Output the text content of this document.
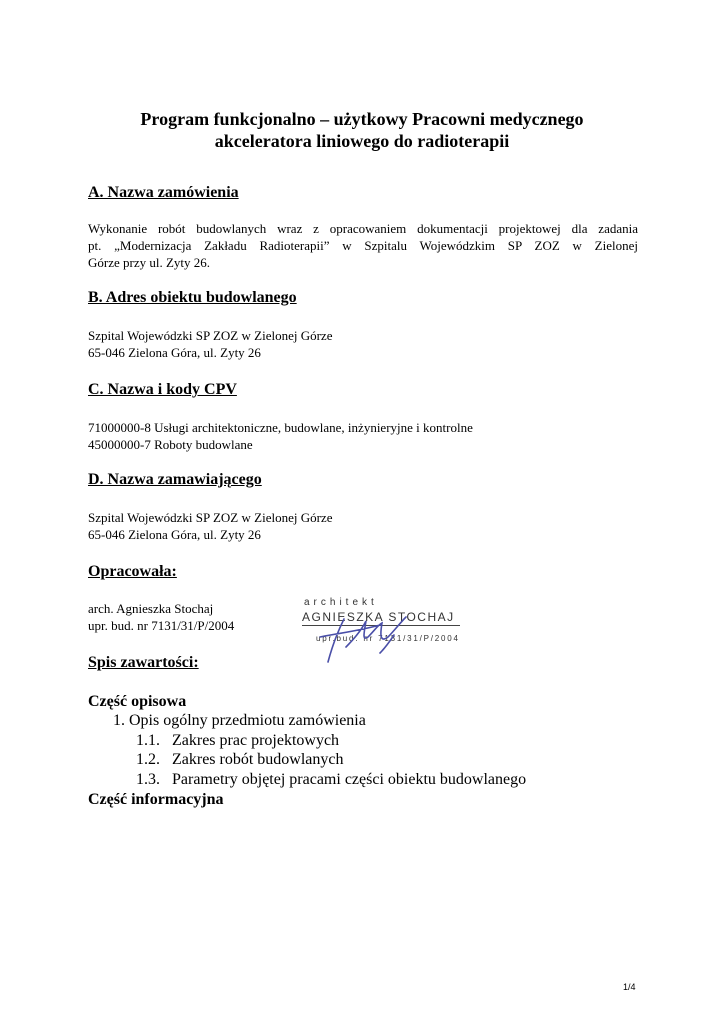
Program funkcjonalno – użytkowy Pracowni medycznego
akceleratora liniowego do radioterapii
A. Nazwa zamówienia
Wykonanie robót budowlanych wraz z opracowaniem dokumentacji projektowej dla zadania
pt. „Modernizacja Zakładu Radioterapii” w Szpitalu Wojewódzkim SP ZOZ w Zielonej
Górze przy ul. Zyty 26.
B. Adres obiektu budowlanego
Szpital Wojewódzki SP ZOZ w Zielonej Górze
65-046 Zielona Góra, ul. Zyty 26
C. Nazwa i kody CPV
71000000-8 Usługi architektoniczne, budowlane, inżynieryjne i kontrolne
45000000-7 Roboty budowlane
D. Nazwa zamawiającego
Szpital Wojewódzki SP ZOZ w Zielonej Górze
65-046 Zielona Góra, ul. Zyty 26
Opracowała:
arch. Agnieszka Stochaj
upr. bud. nr 7131/31/P/2004
architekt
AGNIESZKA STOCHAJ
upr.bud. nr 7131/31/P/2004
Spis zawartości:
Część opisowa
1. Opis ogólny przedmiotu zamówienia
1.1.   Zakres prac projektowych
1.2.   Zakres robót budowlanych
1.3.   Parametry objętej pracami części obiektu budowlanego
Część informacyjna
1/4
